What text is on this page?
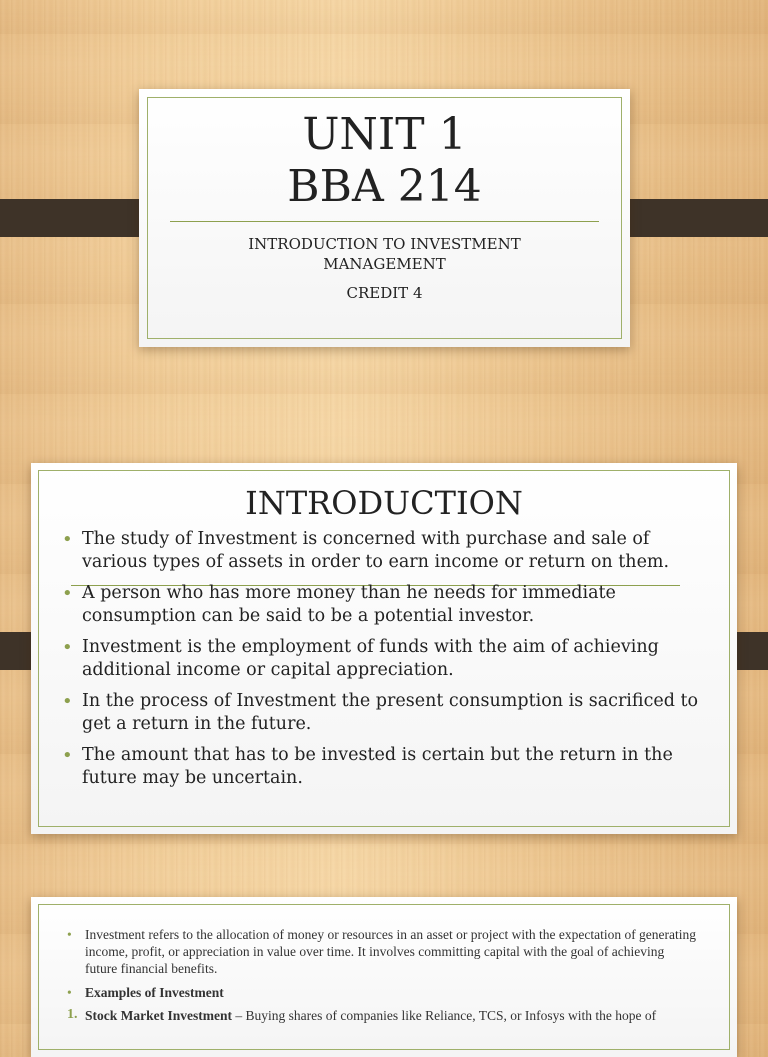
UNIT 1
BBA 214
INTRODUCTION TO INVESTMENT
MANAGEMENT
CREDIT 4
INTRODUCTION
• The study of Investment is concerned with purchase and sale of various types of assets in order to earn income or return on them.
• A person who has more money than he needs for immediate consumption can be said to be a potential investor.
• Investment is the employment of funds with the aim of achieving additional income or capital appreciation.
• In the process of Investment the present consumption is sacrificed to get a return in the future.
• The amount that has to be invested is certain but the return in the future may be uncertain.
• Investment refers to the allocation of money or resources in an asset or project with the expectation of generating income, profit, or appreciation in value over time. It involves committing capital with the goal of achieving future financial benefits.
• Examples of Investment
1. Stock Market Investment – Buying shares of companies like Reliance, TCS, or Infosys with the hope of
